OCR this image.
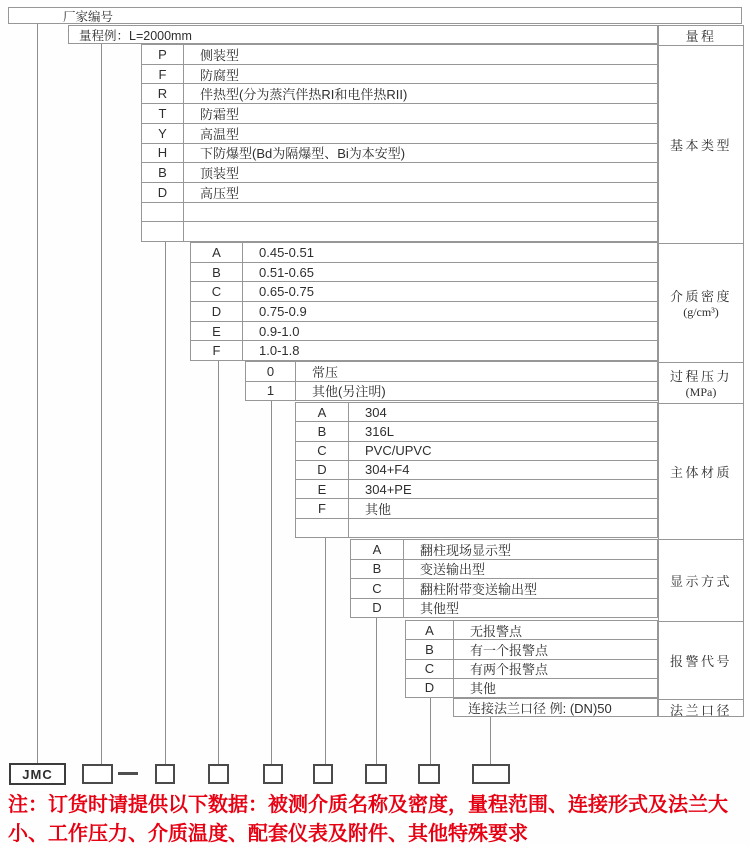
厂家编号
量程例：L=2000mm
P	侧装型
F	防腐型
R	伴热型(分为蒸汽伴热RI和电伴热RII)
T	防霜型
Y	高温型
H	下防爆型(Bd为隔爆型、Bi为本安型)
B	顶装型
D	高压型
A	0.45-0.51
B	0.51-0.65
C	0.65-0.75
D	0.75-0.9
E	0.9-1.0
F	1.0-1.8
0	常压
1	其他(另注明)
A	304
B	316L
C	PVC/UPVC
D	304+F4
E	304+PE
F	其他
A	翻柱现场显示型
B	变送输出型
C	翻柱附带变送输出型
D	其他型
A	无报警点
B	有一个报警点
C	有两个报警点
D	其他
连接法兰口径 例: (DN)50
量程
基本类型
介质密度
(g/cm³)
过程压力
(MPa)
主体材质
显示方式
报警代号
法兰口径
JMC
注：订货时请提供以下数据：被测介质名称及密度，量程范围、连接形式及法兰大小、工作压力、介质温度、配套仪表及附件、其他特殊要求
